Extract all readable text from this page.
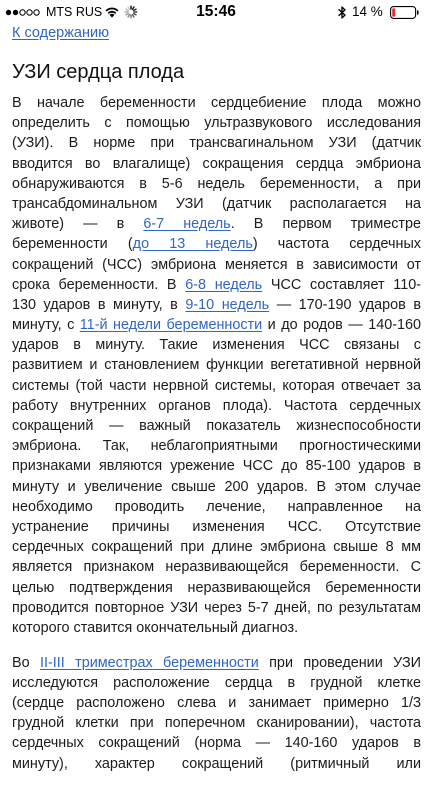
MTS RUS	15:46	14 %
К содержанию
УЗИ сердца плода
В начале беременности сердцебиение плода можно
определить с помощью ультразвукового исследования
(УЗИ). В норме при трансвагинальном УЗИ (датчик
вводится во влагалище) сокращения сердца эмбриона
обнаруживаются в 5-6 недель беременности, а при
трансабдоминальном УЗИ (датчик располагается на
животе) — в 6-7 недель. В первом триместре
беременности (до 13 недель) частота сердечных
сокращений (ЧСС) эмбриона меняется в зависимости от
срока беременности. В 6-8 недель ЧСС составляет 110-
130 ударов в минуту, в 9-10 недель — 170-190 ударов в
минуту, с 11-й недели беременности и до родов — 140-160
ударов в минуту. Такие изменения ЧСС связаны с
развитием и становлением функции вегетативной нервной
системы (той части нервной системы, которая отвечает за
работу внутренних органов плода). Частота сердечных
сокращений — важный показатель жизнеспособности
эмбриона. Так, неблагоприятными прогностическими
признаками являются урежение ЧСС до 85-100 ударов в
минуту и увеличение свыше 200 ударов. В этом случае
необходимо проводить лечение, направленное на
устранение причины изменения ЧСС. Отсутствие
сердечных сокращений при длине эмбриона свыше 8 мм
является признаком неразвивающейся беременности. С
целью подтверждения неразвивающейся беременности
проводится повторное УЗИ через 5-7 дней, по результатам
которого ставится окончательный диагноз.
Во II-III триместрах беременности при проведении УЗИ
исследуются расположение сердца в грудной клетке
(сердце расположено слева и занимает примерно 1/3
грудной клетки при поперечном сканировании), частота
сердечных сокращений (норма — 140-160 ударов в
минуту), характер сокращений (ритмичный или
